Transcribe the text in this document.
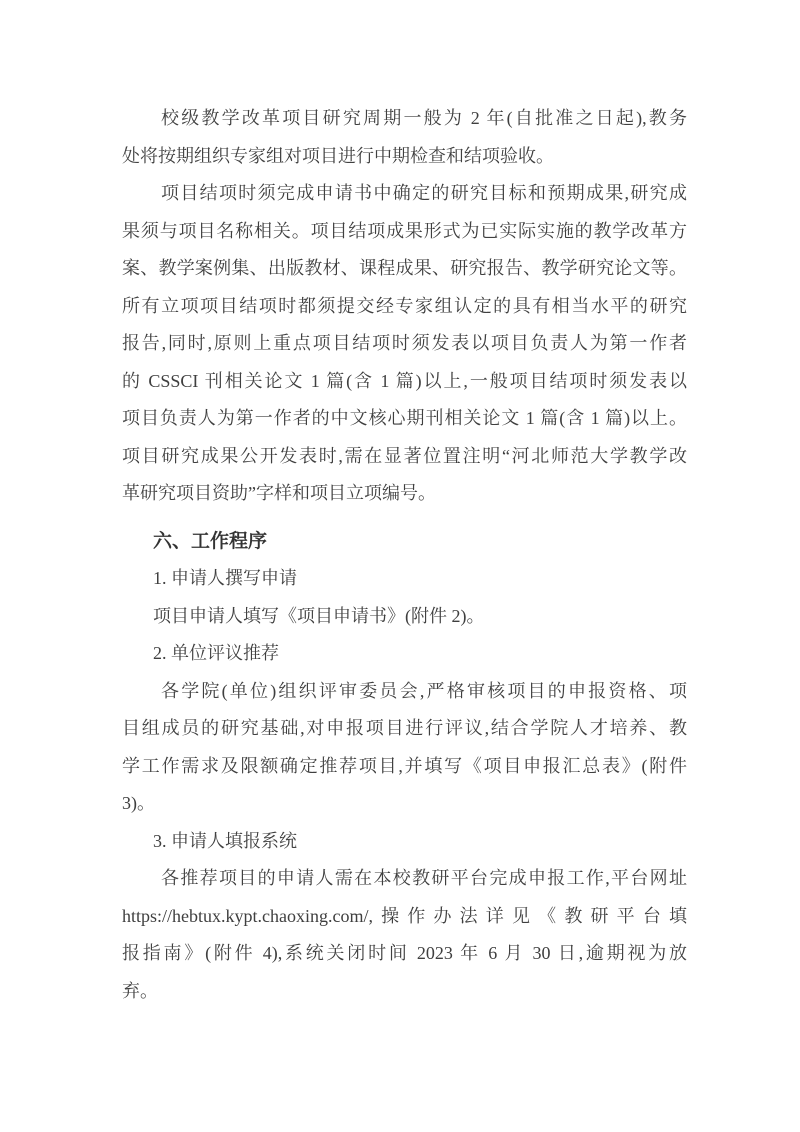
校级教学改革项目研究周期一般为 2 年(自批准之日起),教务
处将按期组织专家组对项目进行中期检查和结项验收。
项目结项时须完成申请书中确定的研究目标和预期成果,研究成
果须与项目名称相关。项目结项成果形式为已实际实施的教学改革方
案、教学案例集、出版教材、课程成果、研究报告、教学研究论文等。
所有立项项目结项时都须提交经专家组认定的具有相当水平的研究
报告,同时,原则上重点项目结项时须发表以项目负责人为第一作者
的 CSSCI 刊相关论文 1 篇(含 1 篇)以上,一般项目结项时须发表以
项目负责人为第一作者的中文核心期刊相关论文 1 篇(含 1 篇)以上。
项目研究成果公开发表时,需在显著位置注明“河北师范大学教学改
革研究项目资助”字样和项目立项编号。
六、工作程序
1. 申请人撰写申请
项目申请人填写《项目申请书》(附件 2)。
2. 单位评议推荐
各学院(单位)组织评审委员会,严格审核项目的申报资格、项
目组成员的研究基础,对申报项目进行评议,结合学院人才培养、教
学工作需求及限额确定推荐项目,并填写《项目申报汇总表》(附件
3)。
3. 申请人填报系统
各推荐项目的申请人需在本校教研平台完成申报工作,平台网址
https://hebtux.kypt.chaoxing.com/,操作办法详见《教研平台填
报指南》(附件 4),系统关闭时间 2023 年 6 月 30 日,逾期视为放
弃。
